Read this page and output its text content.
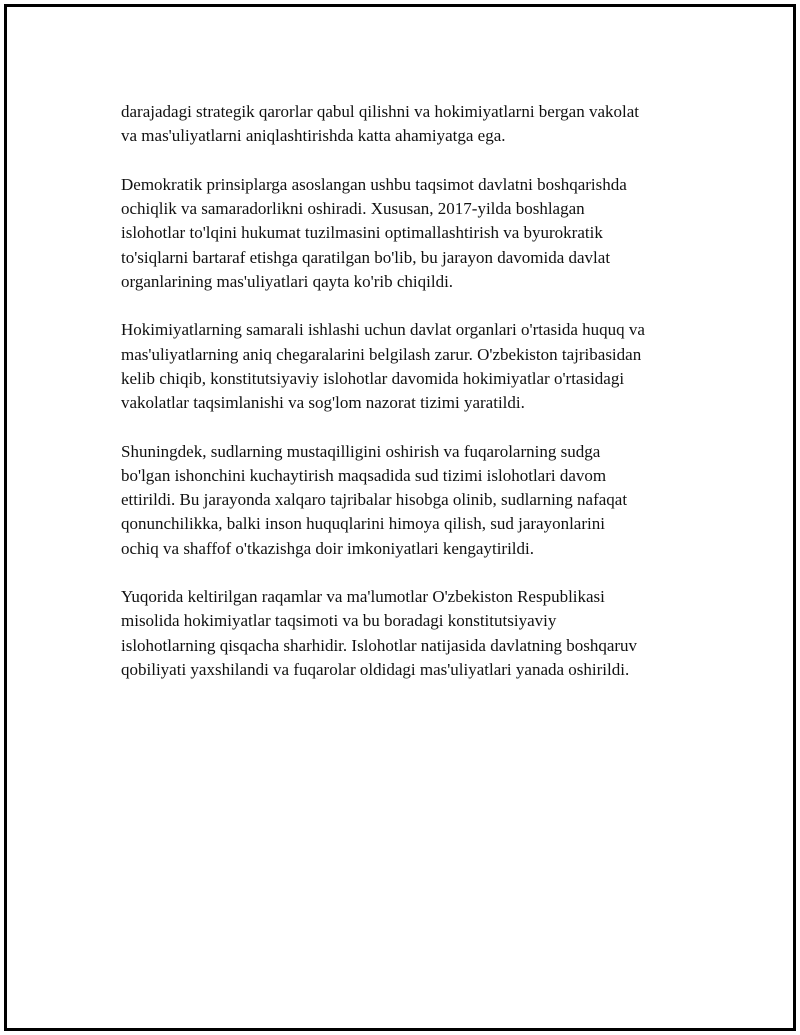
darajadagi strategik qarorlar qabul qilishni va hokimiyatlarni bergan vakolat
va mas'uliyatlarni aniqlashtirishda katta ahamiyatga ega.

Demokratik prinsiplarga asoslangan ushbu taqsimot davlatni boshqarishda
ochiqlik va samaradorlikni oshiradi. Xususan, 2017-yilda boshlagan
islohotlar to'lqini hukumat tuzilmasini optimallashtirish va byurokratik
to'siqlarni bartaraf etishga qaratilgan bo'lib, bu jarayon davomida davlat
organlarining mas'uliyatlari qayta ko'rib chiqildi.

Hokimiyatlarning samarali ishlashi uchun davlat organlari o'rtasida huquq va
mas'uliyatlarning aniq chegaralarini belgilash zarur. O'zbekiston tajribasidan
kelib chiqib, konstitutsiyaviy islohotlar davomida hokimiyatlar o'rtasidagi
vakolatlar taqsimlanishi va sog'lom nazorat tizimi yaratildi.

Shuningdek, sudlarning mustaqilligini oshirish va fuqarolarning sudga
bo'lgan ishonchini kuchaytirish maqsadida sud tizimi islohotlari davom
ettirildi. Bu jarayonda xalqaro tajribalar hisobga olinib, sudlarning nafaqat
qonunchilikka, balki inson huquqlarini himoya qilish, sud jarayonlarini
ochiq va shaffof o'tkazishga doir imkoniyatlari kengaytirildi.

Yuqorida keltirilgan raqamlar va ma'lumotlar O'zbekiston Respublikasi
misolida hokimiyatlar taqsimoti va bu boradagi konstitutsiyaviy
islohotlarning qisqacha sharhidir. Islohotlar natijasida davlatning boshqaruv
qobiliyati yaxshilandi va fuqarolar oldidagi mas'uliyatlari yanada oshirildi.
